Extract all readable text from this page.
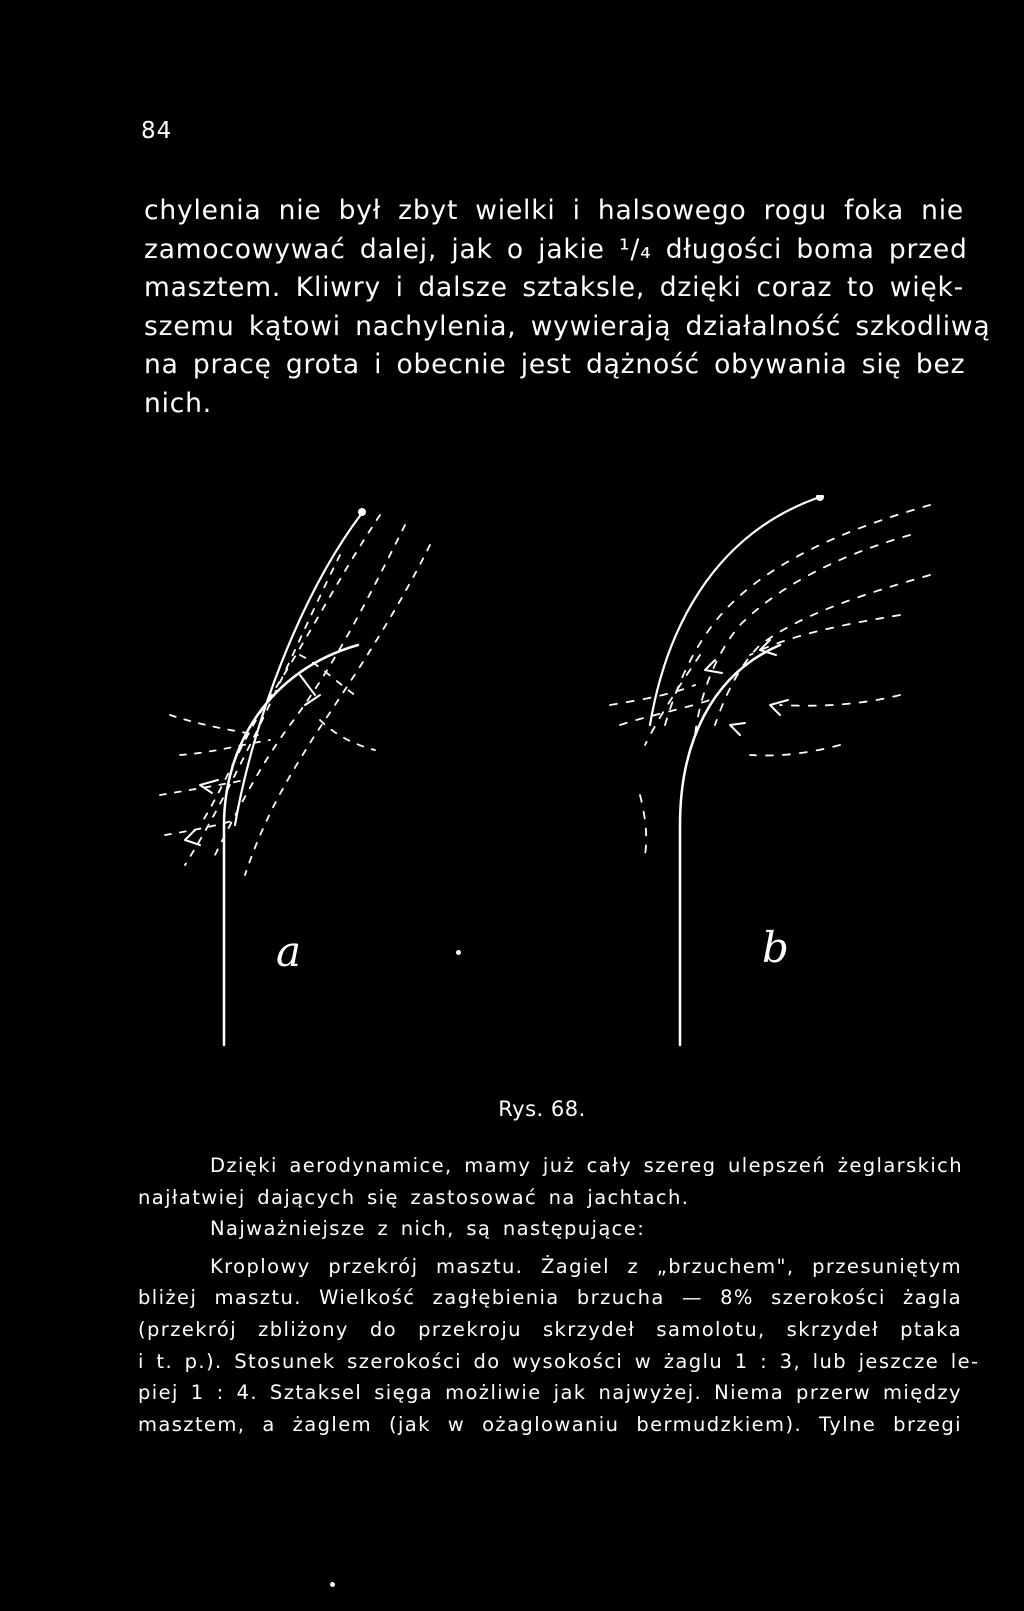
84
chylenia nie był zbyt wielki i halsowego rogu foka nie
zamocowywać dalej, jak o jakie ¹/₄ długości boma przed
masztem. Kliwry i dalsze sztaksle, dzięki coraz to więk-
szemu kątowi nachylenia, wywierają działalność szkodliwą
na pracę grota i obecnie jest dążność obywania się bez
nich.
a	b
Rys. 68.
Dzięki aerodynamice, mamy już cały szereg ulepszeń żeglarskich
najłatwiej dających się zastosować na jachtach.
Najważniejsze z nich, są następujące:
Kroplowy przekrój masztu. Żagiel z „brzuchem", przesuniętym
bliżej masztu. Wielkość zagłębienia brzucha — 8% szerokości żagla
(przekrój zbliżony do przekroju skrzydeł samolotu, skrzydeł ptaka
i t. p.). Stosunek szerokości do wysokości w żaglu 1 : 3, lub jeszcze le-
piej 1 : 4. Sztaksel sięga możliwie jak najwyżej. Niema przerw między
masztem, a żaglem (jak w ożaglowaniu bermudzkiem). Tylne brzegi
